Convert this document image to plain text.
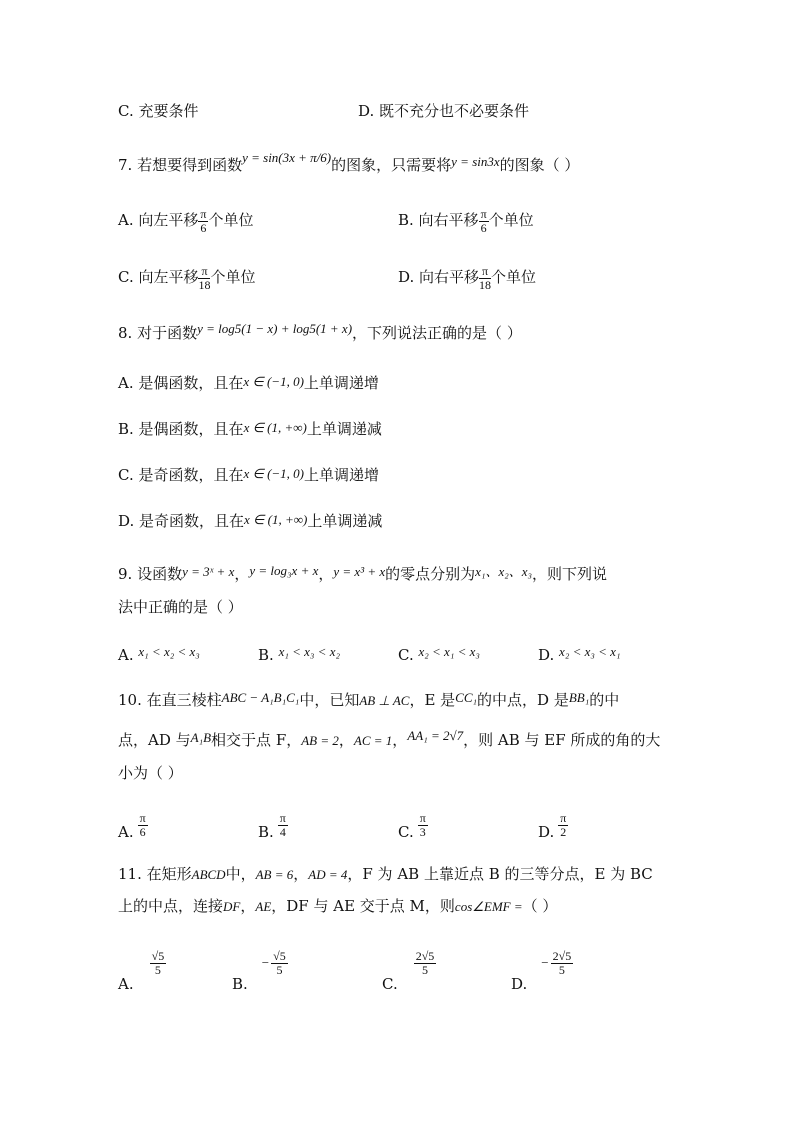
C. 充要条件	D. 既不充分也不必要条件
7. 若想要得到函数y = sin(3x + π/6)的图象，只需要将y = sin3x的图象（ ）
A. 向左平移 $\frac{\pi}{6}$ 个单位	B. 向右平移 $\frac{\pi}{6}$ 个单位
C. 向左平移 $\frac{\pi}{18}$ 个单位	D. 向右平移 $\frac{\pi}{18}$ 个单位
8. 对于函数y = log5(1 − x) + log5(1 + x)，下列说法正确的是（ ）
A. 是偶函数，且在x ∈ (−1, 0)上单调递增
B. 是偶函数，且在x ∈ (1, +∞)上单调递减
C. 是奇函数，且在x ∈ (−1, 0)上单调递增
D. 是奇函数，且在x ∈ (1, +∞)上单调递减
9. 设函数y = 3ˣ + x，y = log₃x + x，y = x³ + x的零点分别为x₁、x₂、x₃，则下列说
法中正确的是（ ）
A. x₁ < x₂ < x₃	B. x₁ < x₃ < x₂	C. x₂ < x₁ < x₃	D. x₂ < x₃ < x₁
10. 在直三棱柱ABC − A₁B₁C₁中，已知AB ⊥ AC，E 是CC₁的中点，D 是BB₁的中
点，AD 与A₁B相交于点 F，AB = 2，AC = 1，AA₁ = 2√7，则 AB 与 EF 所成的角的大
小为（ ）
A. $\frac{\pi}{6}$	B. $\frac{\pi}{4}$	C. $\frac{\pi}{3}$	D. $\frac{\pi}{2}$
11. 在矩形ABCD中，AB = 6，AD = 4，F 为 AB 上靠近点 B 的三等分点，E 为 BC
上的中点，连接DF，AE，DF 与 AE 交于点 M，则cos∠EMF =（ ）
A.
$\frac{√5}{5}$
$B.- \frac{√5}{5}$
C.
$\frac{2√5}{5}$
$D.- \frac{2√5}{5}$
